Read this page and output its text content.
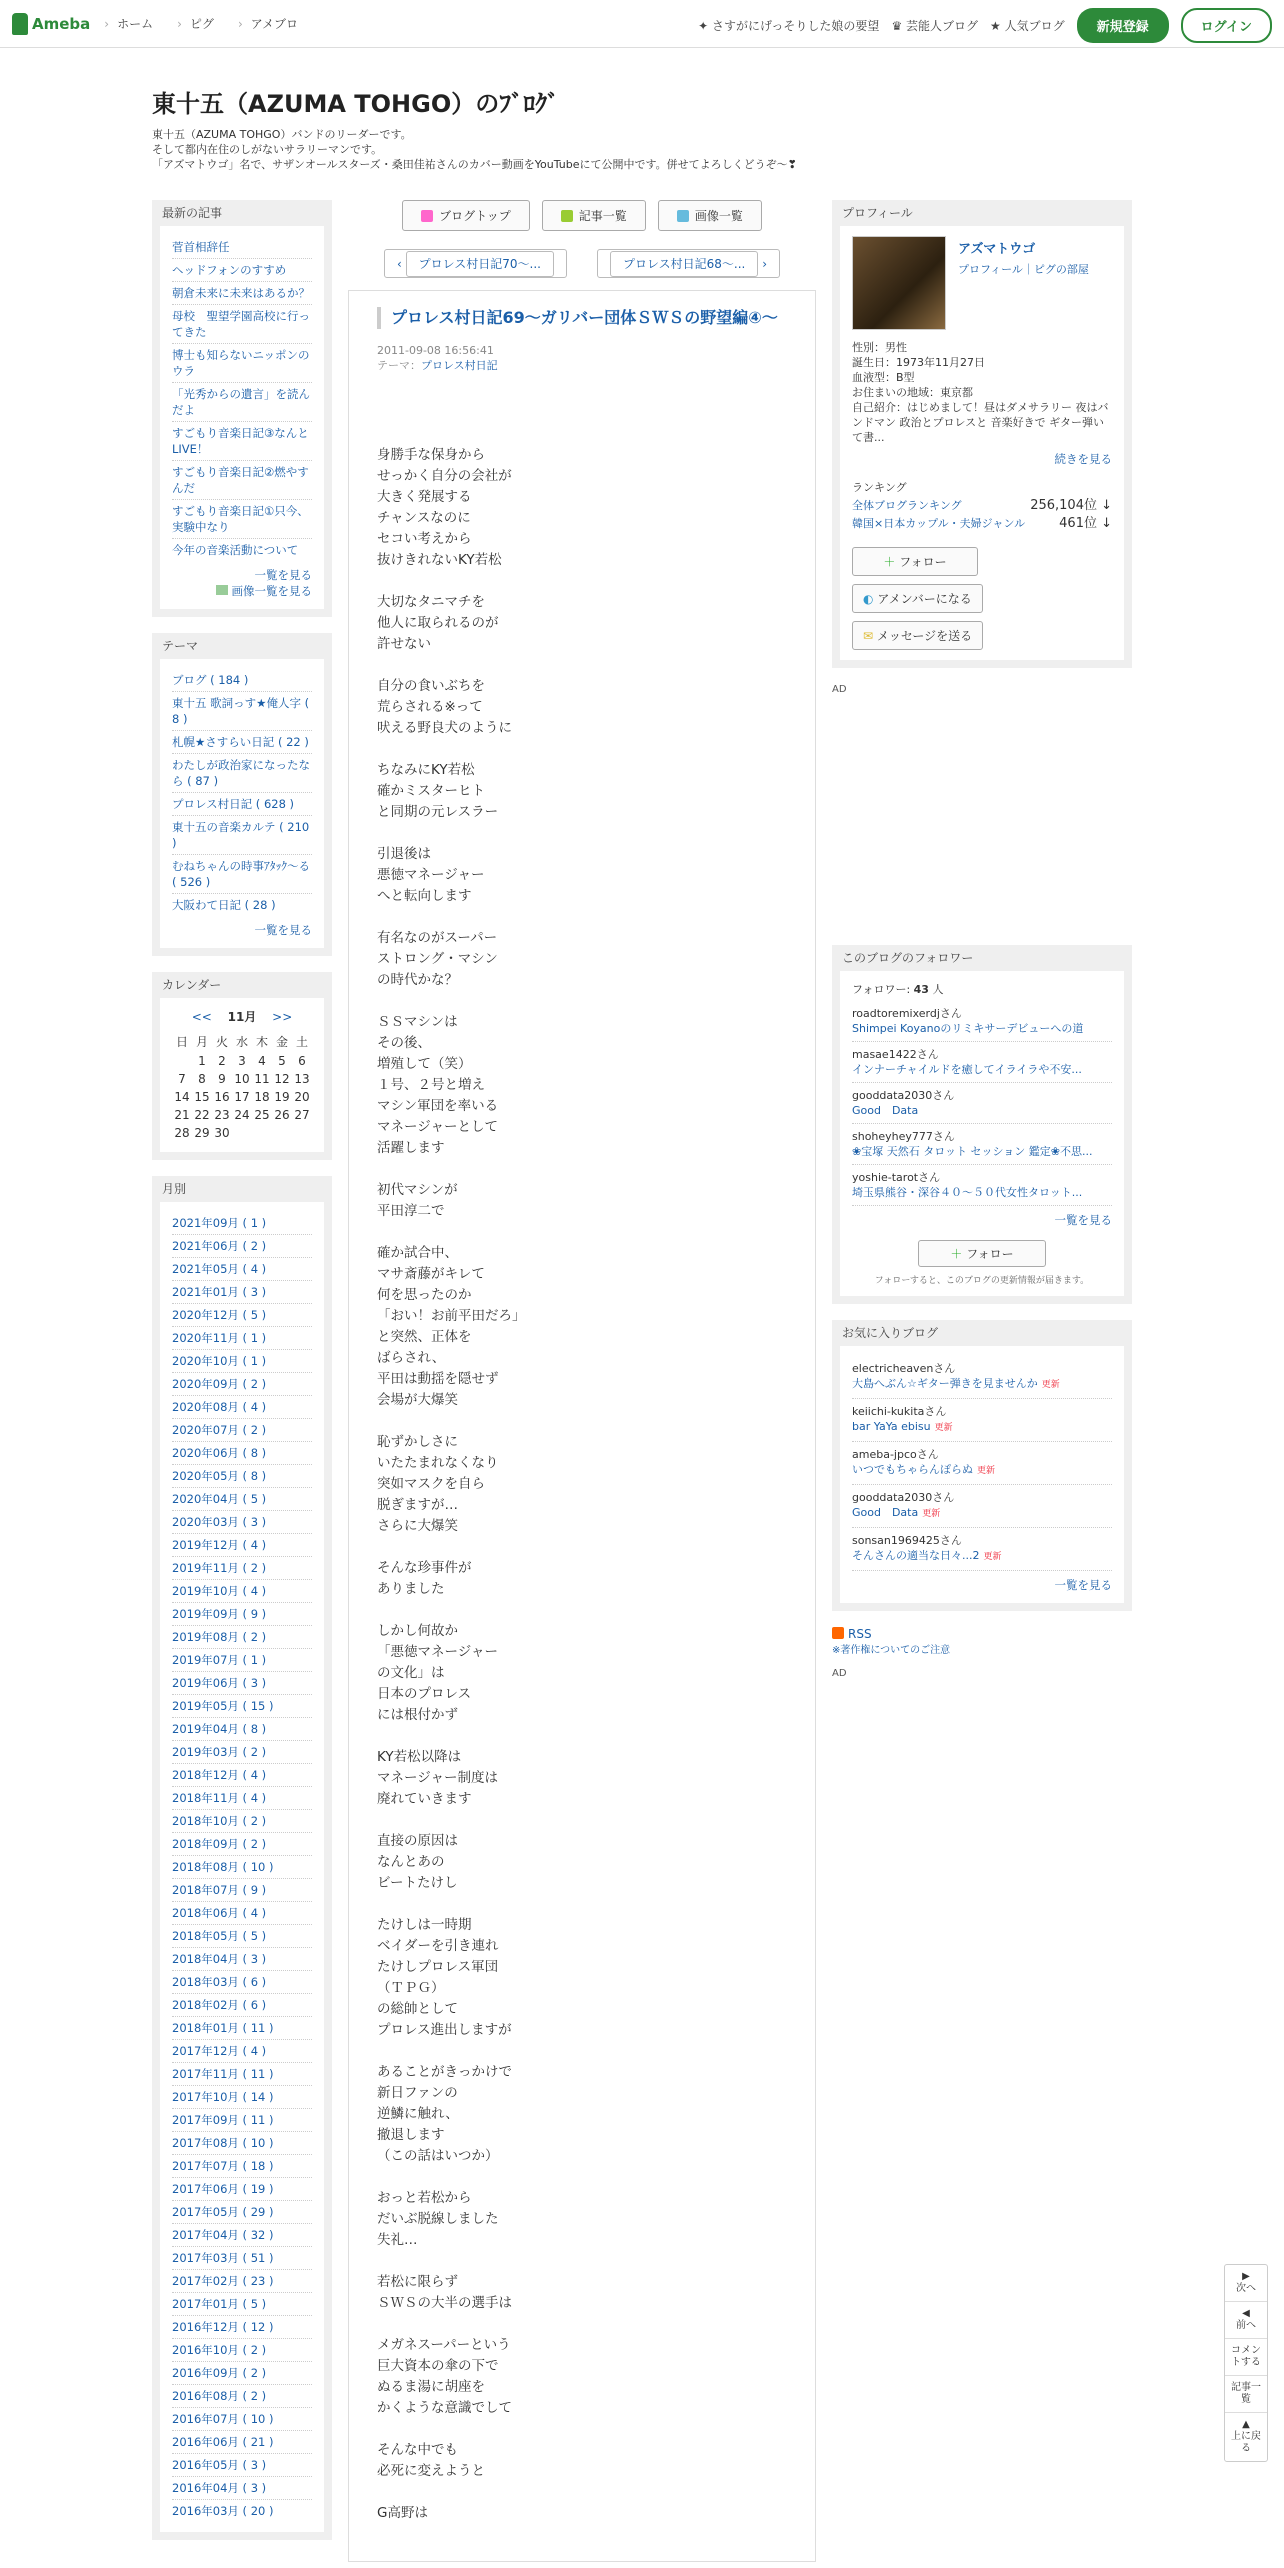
Ameba	› ホーム	› ピグ	› アメブロ	✦ さすがにげっそりした娘の要望 ♛ 芸能人ブログ ★ 人気ブログ	新規登録	ログイン
東十五（AZUMA TOHGO）のﾌﾞﾛｸﾞ

東十五（AZUMA TOHGO）バンドのリーダーです。

そして都内在住のしがないサラリーマンです。

「アズマトウゴ」名で、サザンオールスターズ・桑田佳祐さんのカバー動画をYouTubeにて公開中です。併せてよろしくどうぞ〜❣

最新の記事
菅首相辞任
ヘッドフォンのすすめ
朝倉未来に未来はあるか？
母校　聖望学園高校に行ってきた
博士も知らないニッポンのウラ
「光秀からの遺言」を読んだよ
すごもり音楽日記③なんとLIVE！
すごもり音楽日記②燃やすんだ
すごもり音楽日記①只今、実験中なり
今年の音楽活動について
一覧を見る
画像一覧を見る
テーマ
ブログ ( 184 )
東十五 歌詞っす★俺人字 ( 8 )
札幌★さすらい日記 ( 22 )
わたしが政治家になったなら ( 87 )
プロレス村日記 ( 628 )
東十五の音楽カルテ ( 210 )
むねちゃんの時事ｱﾀｯｸ〜る ( 526 )
大阪わて日記 ( 28 )
一覧を見る
カレンダー
<< 11月 >>
日	月	火	水	木	金	土
	1	2	3	4	5	6
7	8	9	10	11	12	13
14	15	16	17	18	19	20
21	22	23	24	25	26	27
28	29	30				
月別
2021年09月 ( 1 )
2021年06月 ( 2 )
2021年05月 ( 4 )
2021年01月 ( 3 )
2020年12月 ( 5 )
2020年11月 ( 1 )
2020年10月 ( 1 )
2020年09月 ( 2 )
2020年08月 ( 4 )
2020年07月 ( 2 )
2020年06月 ( 8 )
2020年05月 ( 8 )
2020年04月 ( 5 )
2020年03月 ( 3 )
2019年12月 ( 4 )
2019年11月 ( 2 )
2019年10月 ( 4 )
2019年09月 ( 9 )
2019年08月 ( 2 )
2019年07月 ( 1 )
2019年06月 ( 3 )
2019年05月 ( 15 )
2019年04月 ( 8 )
2019年03月 ( 2 )
2018年12月 ( 4 )
2018年11月 ( 4 )
2018年10月 ( 2 )
2018年09月 ( 2 )
2018年08月 ( 10 )
2018年07月 ( 9 )
2018年06月 ( 4 )
2018年05月 ( 5 )
2018年04月 ( 3 )
2018年03月 ( 6 )
2018年02月 ( 6 )
2018年01月 ( 11 )
2017年12月 ( 4 )
2017年11月 ( 11 )
2017年10月 ( 14 )
2017年09月 ( 11 )
2017年08月 ( 10 )
2017年07月 ( 18 )
2017年06月 ( 19 )
2017年05月 ( 29 )
2017年04月 ( 32 )
2017年03月 ( 51 )
2017年02月 ( 23 )
2017年01月 ( 5 )
2016年12月 ( 12 )
2016年10月 ( 2 )
2016年09月 ( 2 )
2016年08月 ( 2 )
2016年07月 ( 10 )
2016年06月 ( 21 )
2016年05月 ( 3 )
2016年04月 ( 3 )
2016年03月 ( 20 )
ブログトップ	記事一覧	画像一覧
‹ プロレス村日記70～...	プロレス村日記68～... ›
プロレス村日記69～ガリバー団体ＳＷＳの野望編④～
2011-09-08 16:56:41
テーマ：プロレス村日記

身勝手な保身から
せっかく自分の会社が
大きく発展する
チャンスなのに
セコい考えから
抜けきれないKY若松

大切なタニマチを
他人に取られるのが
許せない

自分の食いぶちを
荒らされる※って
吠える野良犬のように

ちなみにKY若松
確かミスターヒト
と同期の元レスラー

引退後は
悪徳マネージャー
へと転向します

有名なのがスーパー
ストロング・マシン
の時代かな？

ＳＳマシンは
その後、
増殖して（笑）
１号、２号と増え
マシン軍団を率いる
マネージャーとして
活躍します

初代マシンが
平田淳二で

確か試合中、
マサ斎藤がキレて
何を思ったのか
「おい！お前平田だろ」
と突然、正体を
ばらされ、
平田は動揺を隠せず
会場が大爆笑

恥ずかしさに
いたたまれなくなり
突如マスクを自ら
脱ぎますが…
さらに大爆笑

そんな珍事件が
ありました

しかし何故か
「悪徳マネージャー
の文化」は
日本のプロレス
には根付かず

KY若松以降は
マネージャー制度は
廃れていきます

直接の原因は
なんとあの
ビートたけし

たけしは一時期
ベイダーを引き連れ
たけしプロレス軍団
（ＴＰＧ）
の総帥として
プロレス進出しますが

あることがきっかけで
新日ファンの
逆鱗に触れ、
撤退します
（この話はいつか）

おっと若松から
だいぶ脱線しました
失礼…

若松に限らず
ＳＷＳの大半の選手は

メガネスーパーという
巨大資本の傘の下で
ぬるま湯に胡座を
かくような意識でして

そんな中でも
必死に変えようと

G高野は

プロフィール
アズマトウゴ
プロフィール｜ピグの部屋
性別：男性
誕生日：1973年11月27日
血液型：B型
お住まいの地域：東京都
自己紹介：はじめまして！昼はダメサラリー 夜はバンドマン 政治とプロレスと 音楽好きで ギター弾いて書...
続きを見る
ランキング
全体ブログランキング	256,104位 ↓
韓国×日本カップル・夫婦ジャンル	461位 ↓
＋ フォロー
◐ アメンバーになる
✉ メッセージを送る
AD
このブログのフォロワー
フォロワー: 43 人
roadtoremixerdjさん
Shimpei Koyanoのリミキサーデビューへの道
masae1422さん
インナーチャイルドを癒してイライラや不安...
gooddata2030さん
Good　Data
shoheyhey777さん
❀宝塚 天然石 タロット セッション 鑑定❀不思...
yoshie-tarotさん
埼玉県熊谷・深谷４０～５０代女性タロット...
一覧を見る
＋ フォロー
フォローすると、このブログの更新情報が届きます。
お気に入りブログ
electricheavenさん
大島へぶん☆ギター弾きを見ませんか 更新
keiichi-kukitaさん
bar YaYa ebisu 更新
ameba-jpcoさん
いつでもちゃらんぽらぬ 更新
gooddata2030さん
Good　Data 更新
sonsan1969425さん
そんさんの適当な日々...2 更新
一覧を見る
RSS
※著作権についてのご注意
AD
▶
次へ
◀
前へ
コメントする
記事一覧
▲
上に戻る
